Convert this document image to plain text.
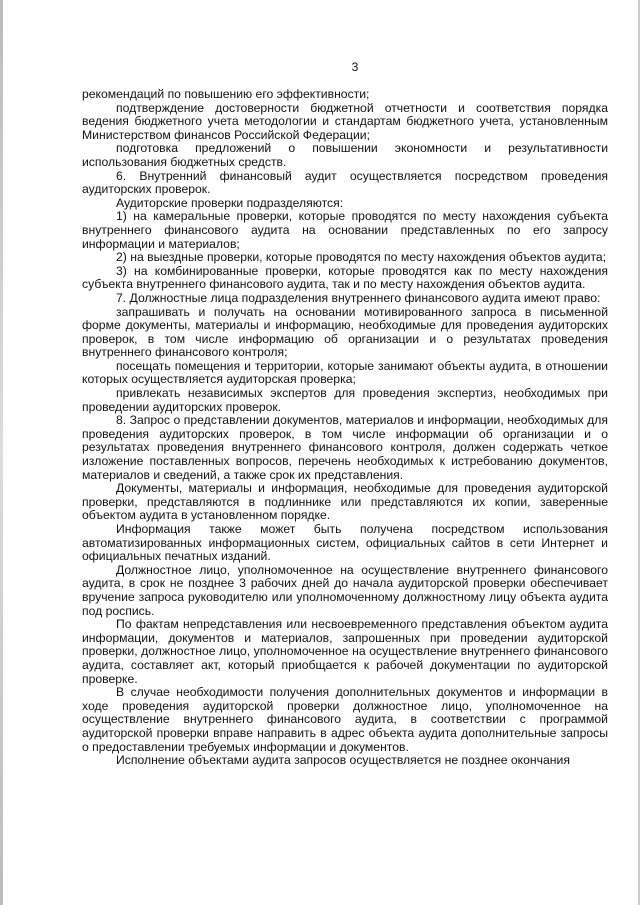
3

рекомендаций по повышению его эффективности;

подтверждение достоверности бюджетной отчетности и соответствия порядка ведения бюджетного учета методологии и стандартам бюджетного учета, установленным Министерством финансов Российской Федерации;

подготовка предложений о повышении экономности и результативности использования бюджетных средств.

6. Внутренний финансовый аудит осуществляется посредством проведения аудиторских проверок.

Аудиторские проверки подразделяются:

1) на камеральные проверки, которые проводятся по месту нахождения субъекта внутреннего финансового аудита на основании представленных по его запросу информации и материалов;

2) на выездные проверки, которые проводятся по месту нахождения объектов аудита;

3) на комбинированные проверки, которые проводятся как по месту нахождения субъекта внутреннего финансового аудита, так и по месту нахождения объектов аудита.

7. Должностные лица подразделения внутреннего финансового аудита имеют право:

запрашивать и получать на основании мотивированного запроса в письменной форме документы, материалы и информацию, необходимые для проведения аудиторских проверок, в том числе информацию об организации и о результатах проведения внутреннего финансового контроля;

посещать помещения и территории, которые занимают объекты аудита, в отношении которых осуществляется аудиторская проверка;

привлекать независимых экспертов для проведения экспертиз, необходимых при проведении аудиторских проверок.

8. Запрос о представлении документов, материалов и информации, необходимых для проведения аудиторских проверок, в том числе информации об организации и о результатах проведения внутреннего финансового контроля, должен содержать четкое изложение поставленных вопросов, перечень необходимых к истребованию документов, материалов и сведений, а также срок их представления.

Документы, материалы и информация, необходимые для проведения аудиторской проверки, представляются в подлиннике или представляются их копии, заверенные объектом аудита в установленном порядке.

Информация также может быть получена посредством использования автоматизированных информационных систем, официальных сайтов в сети Интернет и официальных печатных изданий.

Должностное лицо, уполномоченное на осуществление внутреннего финансового аудита, в срок не позднее 3 рабочих дней до начала аудиторской проверки обеспечивает вручение запроса руководителю или уполномоченному должностному лицу объекта аудита под роспись.

По фактам непредставления или несвоевременного представления объектом аудита информации, документов и материалов, запрошенных при проведении аудиторской проверки, должностное лицо, уполномоченное на осуществление внутреннего финансового аудита, составляет акт, который приобщается к рабочей документации по аудиторской проверке.

В случае необходимости получения дополнительных документов и информации в ходе проведения аудиторской проверки должностное лицо, уполномоченное на осуществление внутреннего финансового аудита, в соответствии с программой аудиторской проверки вправе направить в адрес объекта аудита дополнительные запросы о предоставлении требуемых информации и документов.

Исполнение объектами аудита запросов осуществляется не позднее окончания
